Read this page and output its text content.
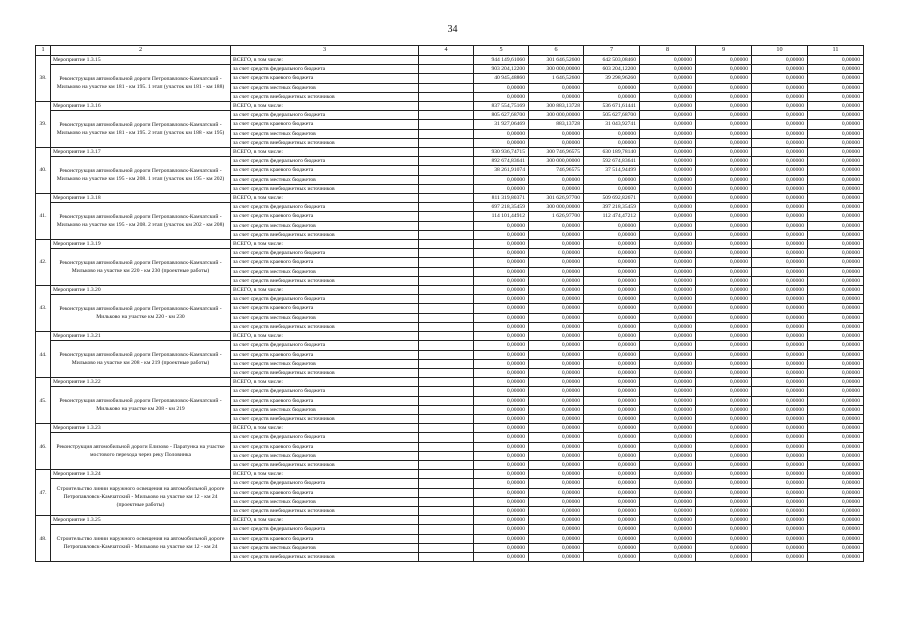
34
1	2	3	4	5	6	7	8	9	10	11
38.	Мероприятие 1.3.15	ВСЕГО, в том числе:		944 149,61060	301 646,52600	642 503,08460	0,00000	0,00000	0,00000	0,00000
	Реконструкция автомобильной дороги Петропавловск-Камчатский - Мильково на участке км 181 - км 195. 1 этап (участок км 181 - км 188)	за счет средств федерального бюджета		903 204,12200	300 000,00000	603 204,12200	0,00000	0,00000	0,00000	0,00000
		за счет средств краевого бюджета		40 945,48860	1 646,52600	39 298,96260	0,00000	0,00000	0,00000	0,00000
		за счет средств местных бюджетов		0,00000	0,00000	0,00000	0,00000	0,00000	0,00000	0,00000
		за счет средств внебюджетных источников		0,00000	0,00000	0,00000	0,00000	0,00000	0,00000	0,00000
39.	Мероприятие 1.3.16	ВСЕГО, в том числе:		837 554,75169	300 883,13728	536 671,61441	0,00000	0,00000	0,00000	0,00000
	Реконструкция автомобильной дороги Петропавловск-Камчатский - Мильково на участке км 181 - км 195. 2 этап (участок км 188 - км 195)	за счет средств федерального бюджета		805 627,68700	300 000,00000	505 627,68700	0,00000	0,00000	0,00000	0,00000
		за счет средств краевого бюджета		31 927,06469	883,13728	31 043,92741	0,00000	0,00000	0,00000	0,00000
		за счет средств местных бюджетов		0,00000	0,00000	0,00000	0,00000	0,00000	0,00000	0,00000
		за счет средств внебюджетных источников		0,00000	0,00000	0,00000	0,00000	0,00000	0,00000	0,00000
40.	Мероприятие 1.3.17	ВСЕГО, в том числе:		930 936,74715	300 746,96575	630 189,78140	0,00000	0,00000	0,00000	0,00000
	Реконструкция автомобильной дороги Петропавловск-Камчатский - Мильково на участке км 195 - км 208. 1 этап (участок км 195 - км 202)	за счет средств федерального бюджета		892 674,83641	300 000,00000	592 674,83641	0,00000	0,00000	0,00000	0,00000
		за счет средств краевого бюджета		38 261,91074	746,96575	37 514,94499	0,00000	0,00000	0,00000	0,00000
		за счет средств местных бюджетов		0,00000	0,00000	0,00000	0,00000	0,00000	0,00000	0,00000
		за счет средств внебюджетных источников		0,00000	0,00000	0,00000	0,00000	0,00000	0,00000	0,00000
41.	Мероприятие 1.3.18	ВСЕГО, в том числе:		811 319,80371	301 626,97700	509 692,82671	0,00000	0,00000	0,00000	0,00000
	Реконструкция автомобильной дороги Петропавловск-Камчатский - Мильково на участке км 195 - км 208. 2 этап (участок км 202 - км 208)	за счет средств федерального бюджета		697 218,35459	300 000,00000	397 218,35459	0,00000	0,00000	0,00000	0,00000
		за счет средств краевого бюджета		114 101,44912	1 626,97700	112 474,47212	0,00000	0,00000	0,00000	0,00000
		за счет средств местных бюджетов		0,00000	0,00000	0,00000	0,00000	0,00000	0,00000	0,00000
		за счет средств внебюджетных источников		0,00000	0,00000	0,00000	0,00000	0,00000	0,00000	0,00000
42.	Мероприятие 1.3.19	ВСЕГО, в том числе:		0,00000	0,00000	0,00000	0,00000	0,00000	0,00000	0,00000
	Реконструкция автомобильной дороги Петропавловск-Камчатский - Мильково на участке км 220 - км 230 (проектные работы)	за счет средств федерального бюджета		0,00000	0,00000	0,00000	0,00000	0,00000	0,00000	0,00000
		за счет средств краевого бюджета		0,00000	0,00000	0,00000	0,00000	0,00000	0,00000	0,00000
		за счет средств местных бюджетов		0,00000	0,00000	0,00000	0,00000	0,00000	0,00000	0,00000
		за счет средств внебюджетных источников		0,00000	0,00000	0,00000	0,00000	0,00000	0,00000	0,00000
43.	Мероприятие 1.3.20	ВСЕГО, в том числе:		0,00000	0,00000	0,00000	0,00000	0,00000	0,00000	0,00000
	Реконструкция автомобильной дороги Петропавловск-Камчатский - Мильково на участке км 220 - км 230	за счет средств федерального бюджета		0,00000	0,00000	0,00000	0,00000	0,00000	0,00000	0,00000
		за счет средств краевого бюджета		0,00000	0,00000	0,00000	0,00000	0,00000	0,00000	0,00000
		за счет средств местных бюджетов		0,00000	0,00000	0,00000	0,00000	0,00000	0,00000	0,00000
		за счет средств внебюджетных источников		0,00000	0,00000	0,00000	0,00000	0,00000	0,00000	0,00000
44.	Мероприятие 1.3.21	ВСЕГО, в том числе:		0,00000	0,00000	0,00000	0,00000	0,00000	0,00000	0,00000
	Реконструкция автомобильной дороги Петропавловск-Камчатский - Мильково на участке км 208 - км 219 (проектные работы)	за счет средств федерального бюджета		0,00000	0,00000	0,00000	0,00000	0,00000	0,00000	0,00000
		за счет средств краевого бюджета		0,00000	0,00000	0,00000	0,00000	0,00000	0,00000	0,00000
		за счет средств местных бюджетов		0,00000	0,00000	0,00000	0,00000	0,00000	0,00000	0,00000
		за счет средств внебюджетных источников		0,00000	0,00000	0,00000	0,00000	0,00000	0,00000	0,00000
45.	Мероприятие 1.3.22	ВСЕГО, в том числе:		0,00000	0,00000	0,00000	0,00000	0,00000	0,00000	0,00000
	Реконструкция автомобильной дороги Петропавловск-Камчатский - Мильково на участке км 208 - км 219	за счет средств федерального бюджета		0,00000	0,00000	0,00000	0,00000	0,00000	0,00000	0,00000
		за счет средств краевого бюджета		0,00000	0,00000	0,00000	0,00000	0,00000	0,00000	0,00000
		за счет средств местных бюджетов		0,00000	0,00000	0,00000	0,00000	0,00000	0,00000	0,00000
		за счет средств внебюджетных источников		0,00000	0,00000	0,00000	0,00000	0,00000	0,00000	0,00000
46.	Мероприятие 1.3.23	ВСЕГО, в том числе:		0,00000	0,00000	0,00000	0,00000	0,00000	0,00000	0,00000
	Реконструкция автомобильной дороги Елизово - Паратунка на участке мостового перехода через реку Половинка	за счет средств федерального бюджета		0,00000	0,00000	0,00000	0,00000	0,00000	0,00000	0,00000
		за счет средств краевого бюджета		0,00000	0,00000	0,00000	0,00000	0,00000	0,00000	0,00000
		за счет средств местных бюджетов		0,00000	0,00000	0,00000	0,00000	0,00000	0,00000	0,00000
		за счет средств внебюджетных источников		0,00000	0,00000	0,00000	0,00000	0,00000	0,00000	0,00000
47.	Мероприятие 1.3.24	ВСЕГО, в том числе:		0,00000	0,00000	0,00000	0,00000	0,00000	0,00000	0,00000
	Строительство линии наружного освещения на автомобильной дороге Петропавловск-Камчатский - Мильково на участке км 12 - км 24 (проектные работы)	за счет средств федерального бюджета		0,00000	0,00000	0,00000	0,00000	0,00000	0,00000	0,00000
		за счет средств краевого бюджета		0,00000	0,00000	0,00000	0,00000	0,00000	0,00000	0,00000
		за счет средств местных бюджетов		0,00000	0,00000	0,00000	0,00000	0,00000	0,00000	0,00000
		за счет средств внебюджетных источников		0,00000	0,00000	0,00000	0,00000	0,00000	0,00000	0,00000
48.	Мероприятие 1.3.25	ВСЕГО, в том числе:		0,00000	0,00000	0,00000	0,00000	0,00000	0,00000	0,00000
	Строительство линии наружного освещения на автомобильной дороге Петропавловск-Камчатский - Мильково на участке км 12 - км 24	за счет средств федерального бюджета		0,00000	0,00000	0,00000	0,00000	0,00000	0,00000	0,00000
		за счет средств краевого бюджета		0,00000	0,00000	0,00000	0,00000	0,00000	0,00000	0,00000
		за счет средств местных бюджетов		0,00000	0,00000	0,00000	0,00000	0,00000	0,00000	0,00000
		за счет средств внебюджетных источников		0,00000	0,00000	0,00000	0,00000	0,00000	0,00000	0,00000
